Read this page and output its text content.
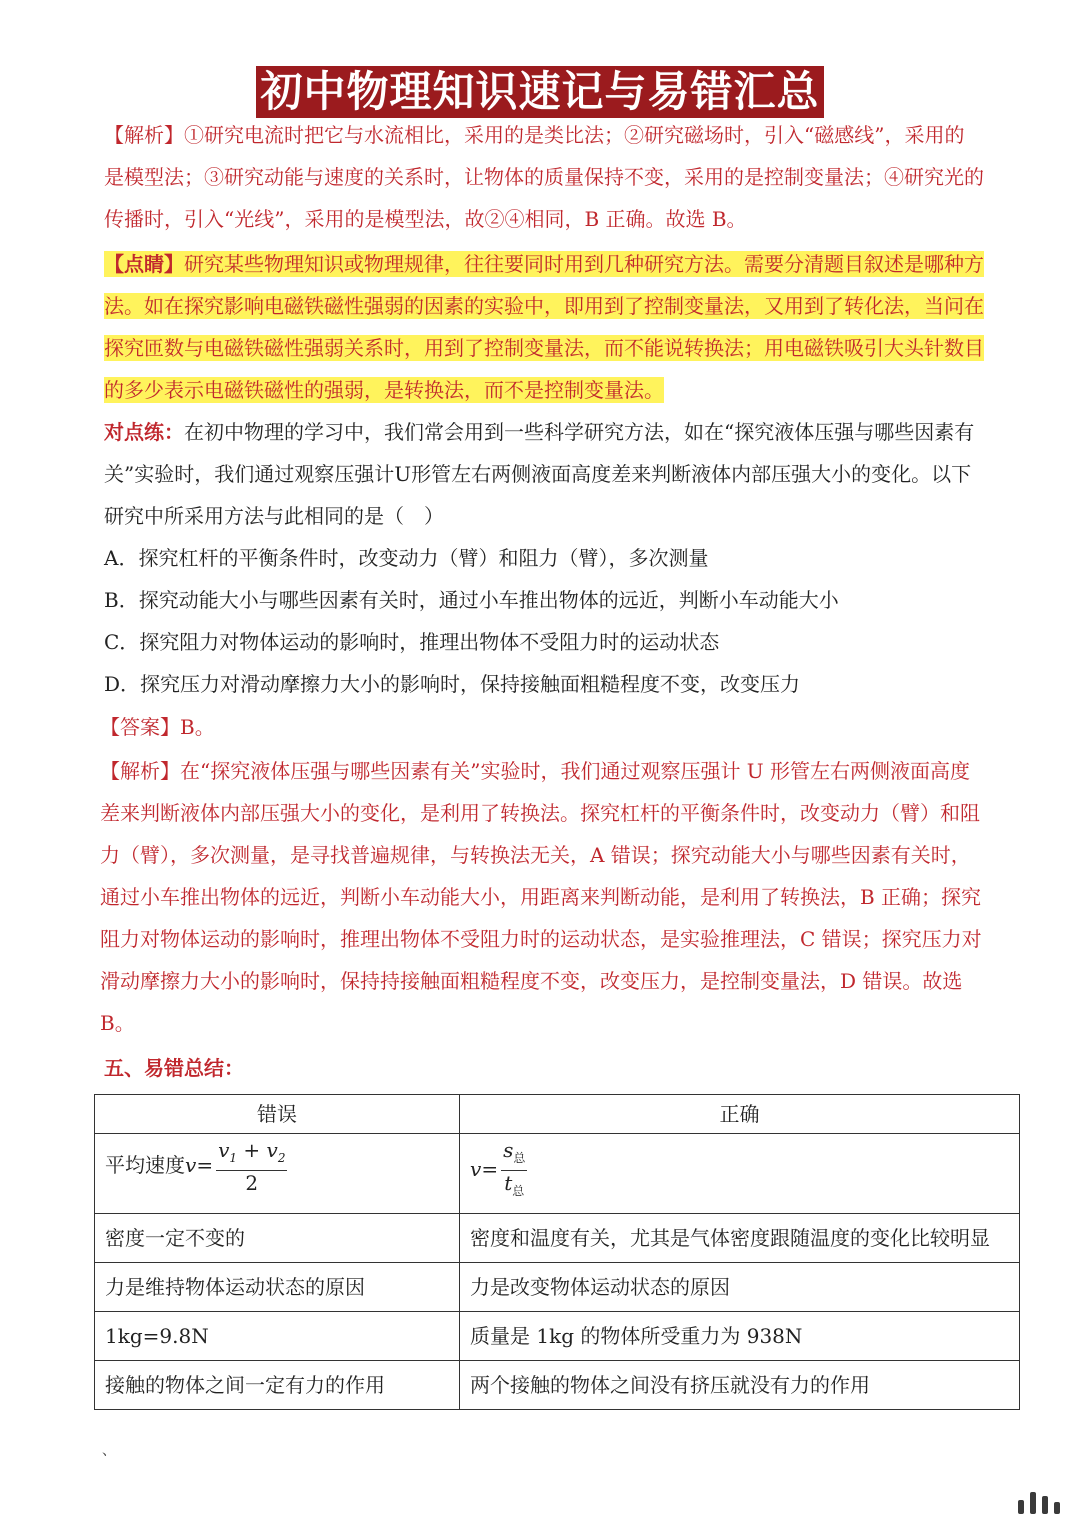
初中物理知识速记与易错汇总
【解析】①研究电流时把它与水流相比，采用的是类比法；②研究磁场时，引入“磁感线”，采用的是模型法；③研究动能与速度的关系时，让物体的质量保持不变，采用的是控制变量法；④研究光的传播时，引入“光线”，采用的是模型法，故②④相同，B 正确。故选 B。
【点睛】研究某些物理知识或物理规律，往往要同时用到几种研究方法。需要分清题目叙述是哪种方法。如在探究影响电磁铁磁性强弱的因素的实验中，即用到了控制变量法，又用到了转化法，当问在探究匝数与电磁铁磁性强弱关系时，用到了控制变量法，而不能说转换法；用电磁铁吸引大头针数目的多少表示电磁铁磁性的强弱，是转换法，而不是控制变量法。
对点练：在初中物理的学习中，我们常会用到一些科学研究方法，如在“探究液体压强与哪些因素有关”实验时，我们通过观察压强计U形管左右两侧液面高度差来判断液体内部压强大小的变化。以下研究中所采用方法与此相同的是（　）
A．探究杠杆的平衡条件时，改变动力（臂）和阻力（臂），多次测量
B．探究动能大小与哪些因素有关时，通过小车推出物体的远近，判断小车动能大小
C．探究阻力对物体运动的影响时，推理出物体不受阻力时的运动状态
D．探究压力对滑动摩擦力大小的影响时，保持接触面粗糙程度不变，改变压力
【答案】B。
【解析】在“探究液体压强与哪些因素有关”实验时，我们通过观察压强计 U 形管左右两侧液面高度差来判断液体内部压强大小的变化，是利用了转换法。探究杠杆的平衡条件时，改变动力（臂）和阻力（臂），多次测量，是寻找普遍规律，与转换法无关，A 错误；探究动能大小与哪些因素有关时，通过小车推出物体的远近，判断小车动能大小，用距离来判断动能，是利用了转换法，B 正确；探究阻力对物体运动的影响时，推理出物体不受阻力时的运动状态，是实验推理法，C 错误；探究压力对滑动摩擦力大小的影响时，保持持接触面粗糙程度不变，改变压力，是控制变量法，D 错误。故选 B。
五、易错总结：
错误	正确
平均速度$v= \frac{v_1 + v_2}{2}$	$v= \frac{s_总}{t_总}$

密度一定不变的	密度和温度有关，尤其是气体密度跟随温度的变化比较明显
力是维持物体运动状态的原因	力是改变物体运动状态的原因
1kg=9.8N	质量是 1kg 的物体所受重力为 938N
接触的物体之间一定有力的作用	两个接触的物体之间没有挤压就没有力的作用
、
